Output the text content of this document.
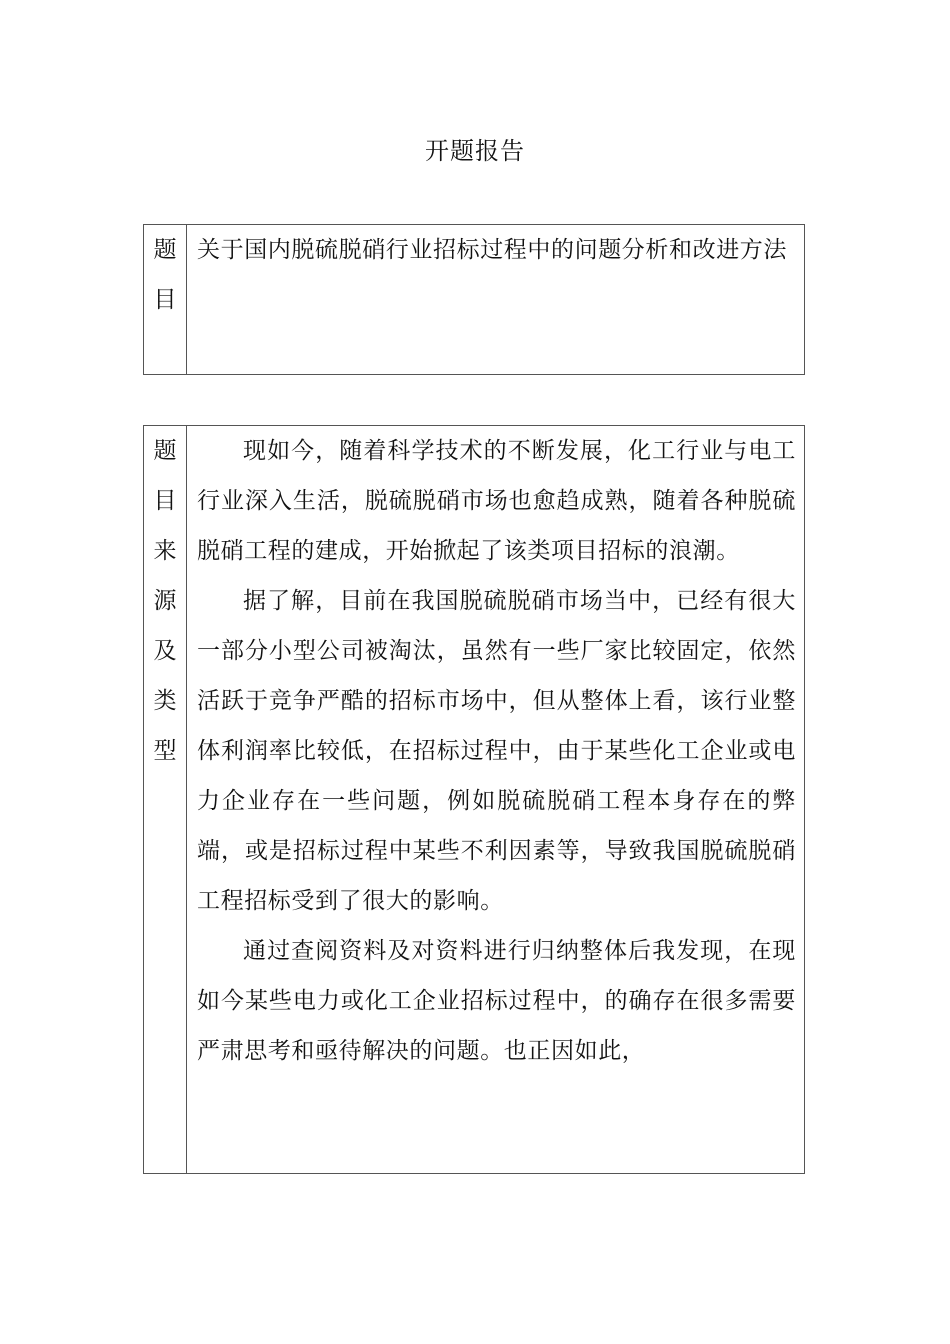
开题报告
题目

关于国内脱硫脱硝行业招标过程中的问题分析和改进方法
题目来源及类型

现如今，随着科学技术的不断发展，化工行业与电工行业深入生活，脱硫脱硝市场也愈趋成熟，随着各种脱硫脱硝工程的建成，开始掀起了该类项目招标的浪潮。

据了解，目前在我国脱硫脱硝市场当中，已经有很大一部分小型公司被淘汰，虽然有一些厂家比较固定，依然活跃于竞争严酷的招标市场中，但从整体上看，该行业整体利润率比较低，在招标过程中，由于某些化工企业或电力企业存在一些问题，例如脱硫脱硝工程本身存在的弊端，或是招标过程中某些不利因素等，导致我国脱硫脱硝工程招标受到了很大的影响。

通过查阅资料及对资料进行归纳整体后我发现，在现如今某些电力或化工企业招标过程中，的确存在很多需要严肃思考和亟待解决的问题。也正因如此，
